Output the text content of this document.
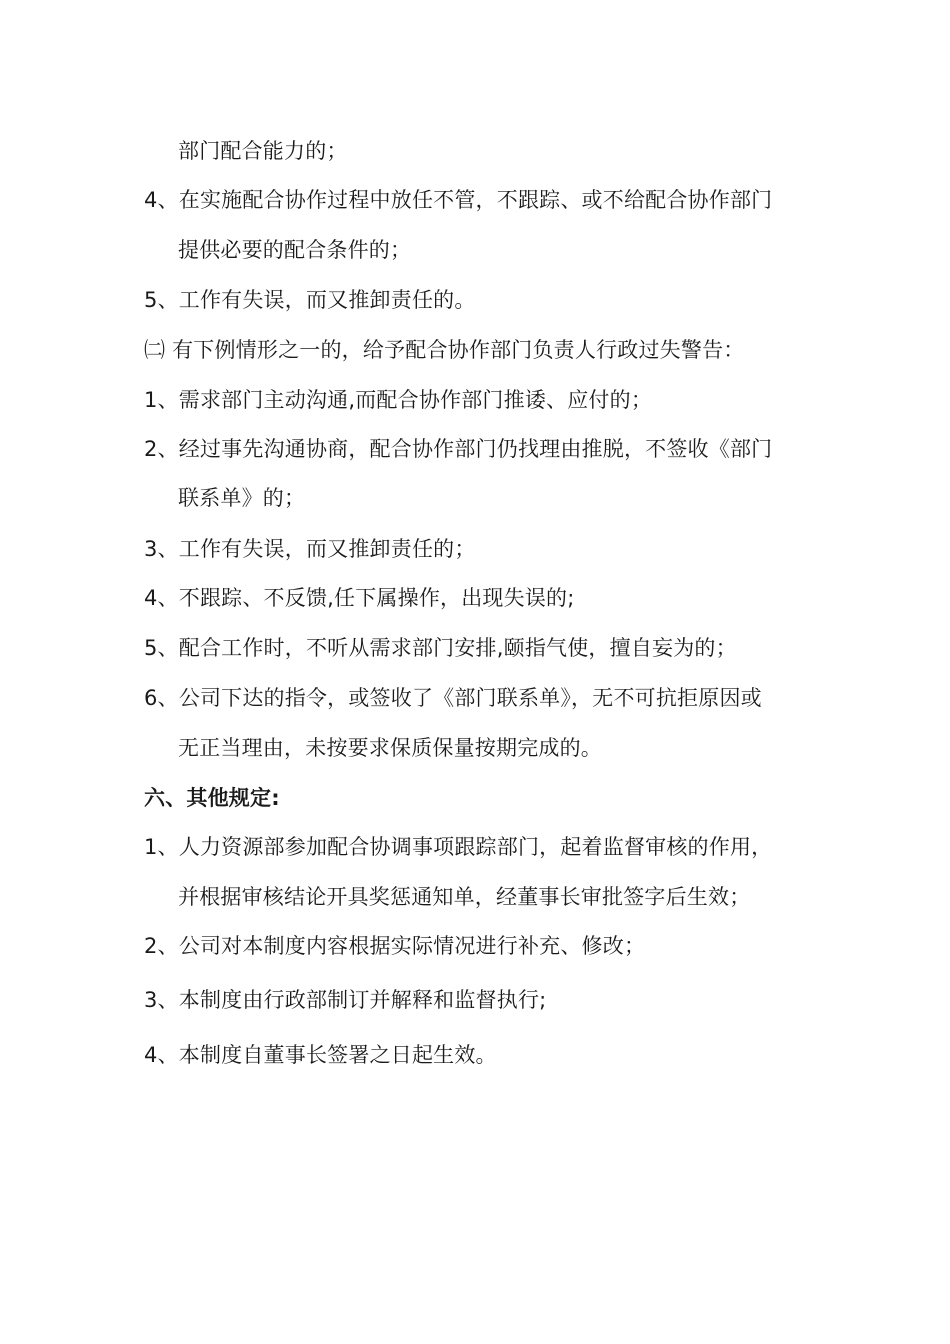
部门配合能力的；
4、在实施配合协作过程中放任不管，不跟踪、或不给配合协作部门
提供必要的配合条件的；
5、工作有失误，而又推卸责任的。
㈡ 有下例情形之一的，给予配合协作部门负责人行政过失警告：
1、需求部门主动沟通,而配合协作部门推诿、应付的；
2、经过事先沟通协商，配合协作部门仍找理由推脱，不签收《部门
联系单》的；
3、工作有失误，而又推卸责任的；
4、不跟踪、不反馈,任下属操作，出现失误的;
5、配合工作时，不听从需求部门安排,颐指气使，擅自妄为的；
6、公司下达的指令，或签收了《部门联系单》，无不可抗拒原因或
无正当理由，未按要求保质保量按期完成的。
六、其他规定:
1、人力资源部参加配合协调事项跟踪部门，起着监督审核的作用，
并根据审核结论开具奖惩通知单，经董事长审批签字后生效；
2、公司对本制度内容根据实际情况进行补充、修改；
3、本制度由行政部制订并解释和监督执行;
4、本制度自董事长签署之日起生效。
